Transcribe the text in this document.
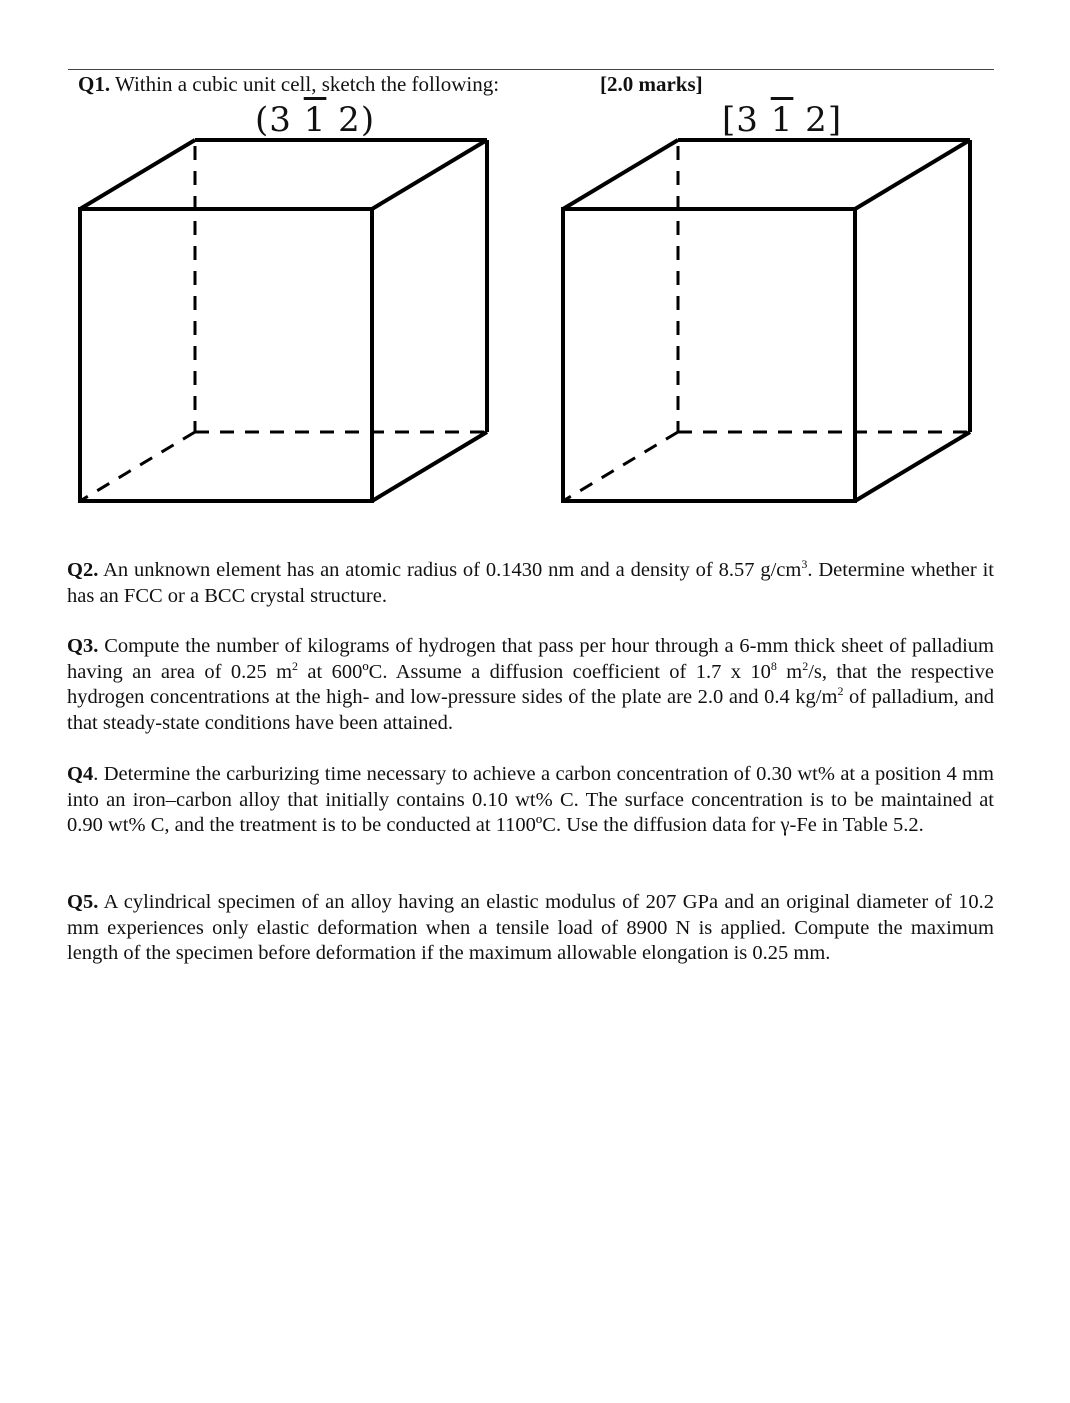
Q1. Within a cubic unit cell, sketch the following:	[2.0 marks]
(3 1 2)	[3 1 2]
Q2. An unknown element has an atomic radius of 0.1430 nm and a density of 8.57 $g/cm^3$. Determine whether it has an FCC or a BCC crystal structure.
Q3. Compute the number of kilograms of hydrogen that pass per hour through a 6-mm thick sheet of palladium having an area of 0.25 $m^2$ at 600ºC. Assume a diffusion coefficient of 1.7 x $10^8$ $m^2/s$, that the respective hydrogen concentrations at the high- and low-pressure sides of the plate are 2.0 and 0.4 $kg/m^2$ of palladium, and that steady-state conditions have been attained.
Q4. Determine the carburizing time necessary to achieve a carbon concentration of 0.30 wt% at a position 4 mm into an iron–carbon alloy that initially contains 0.10 wt% C. The surface concentration is to be maintained at 0.90 wt% C, and the treatment is to be conducted at 1100ºC. Use the diffusion data for γ-Fe in Table 5.2.
Q5. A cylindrical specimen of an alloy having an elastic modulus of 207 GPa and an original diameter of 10.2 mm experiences only elastic deformation when a tensile load of 8900 N is applied. Compute the maximum length of the specimen before deformation if the maximum allowable elongation is 0.25 mm.
